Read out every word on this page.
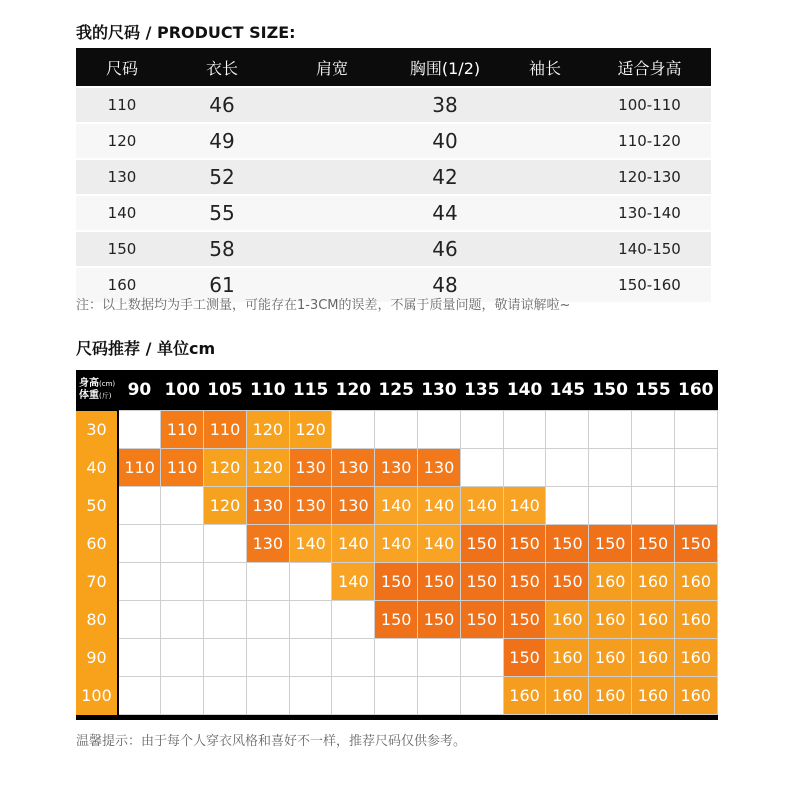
我的尺码 / PRODUCT SIZE:
尺码	衣长	肩宽	胸围(1/2)	袖长	适合身高
110	46		38		100-110
120	49		40		110-120
130	52		42		120-130
140	55		44		130-140
150	58		46		140-150
160	61		48		150-160
注：以上数据均为手工测量，可能存在1-3CM的误差，不属于质量问题，敬请谅解啦~
尺码推荐 / 单位cm
身高(cm)
体重(斤)	90	100	105	110	115	120	125	130	135	140	145	150	155	160
30		110	110	120	120									
40	110	110	120	120	130	130	130	130						
50			120	130	130	130	140	140	140	140				
60				130	140	140	140	140	150	150	150	150	150	150
70						140	150	150	150	150	150	160	160	160
80							150	150	150	150	160	160	160	160
90										150	160	160	160	160
100										160	160	160	160	160
温馨提示：由于每个人穿衣风格和喜好不一样，推荐尺码仅供参考。
